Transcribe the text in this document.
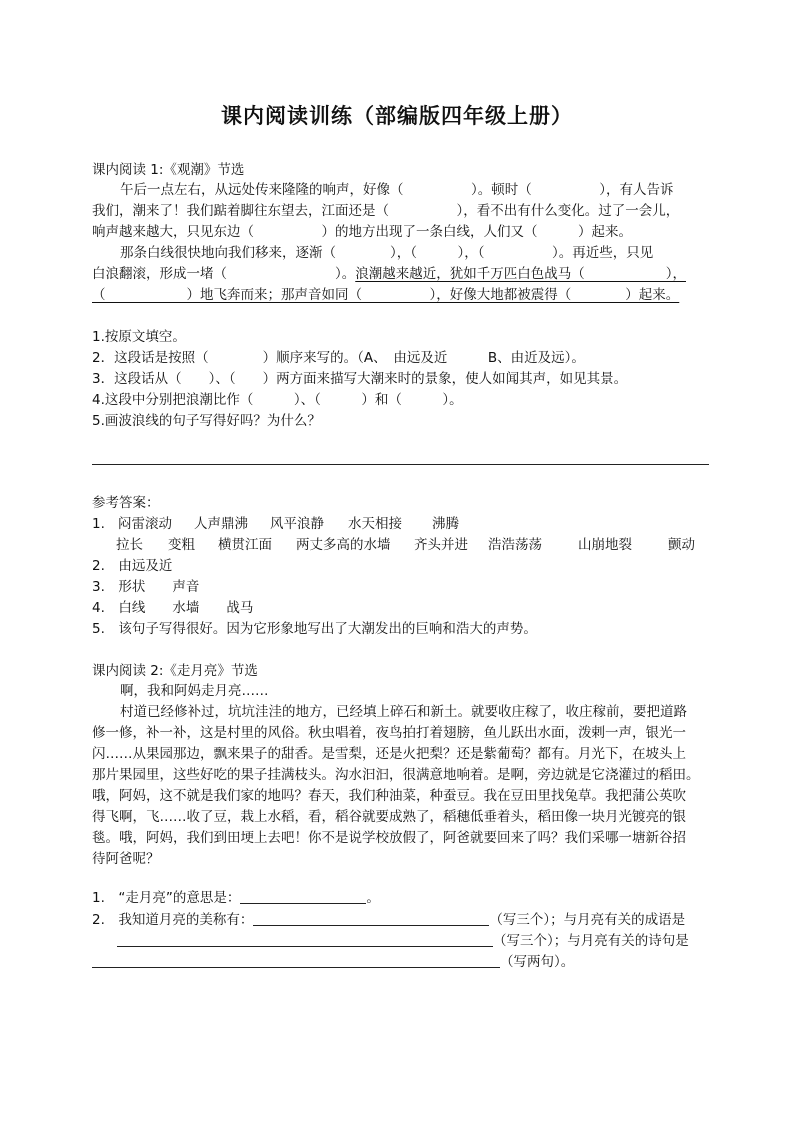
课内阅读训练（部编版四年级上册）
课内阅读 1:《观潮》节选
午后一点左右，从远处传来隆隆的响声，好像（　　　　　）。顿时（　　　　　），有人告诉
我们，潮来了！我们踮着脚往东望去，江面还是（　　　　　），看不出有什么变化。过了一会儿，
响声越来越大，只见东边（　　　　　）的地方出现了一条白线，人们又（　　　）起来。
那条白线很快地向我们移来，逐渐（　　　　），（　　　），（　　　　　）。再近些，只见
白浪翻滚，形成一堵（　　　　　　　　）。浪潮越来越近，犹如千万匹白色战马（　　　　　　），
（　　　　　　）地飞奔而来；那声音如同（　　　　　），好像大地都被震得（　　　　）起来。
1.按原文填空。
2．这段话是按照（　　　　）顺序来写的。（A、　由远及近　　　B、由近及远）。
3．这段话从（　　）、（　　）两方面来描写大潮来时的景象，使人如闻其声，如见其景。
4.这段中分别把浪潮比作（　　　）、（　　　）和（　　　）。
5.画波浪线的句子写得好吗？为什么？
参考答案：
1. 闷雷滚动 人声鼎沸 风平浪静 水天相接 沸腾
拉长 变粗 横贯江面 两丈多高的水墙 齐头并进 浩浩荡荡	山崩地裂	颤动
2.　由远及近
3.　形状　　声音
4.　白线　　水墙　　战马
5.　该句子写得很好。因为它形象地写出了大潮发出的巨响和浩大的声势。
课内阅读 2:《走月亮》节选
啊，我和阿妈走月亮……
村道已经修补过，坑坑洼洼的地方，已经填上碎石和新土。就要收庄稼了，收庄稼前，要把道路
修一修，补一补，这是村里的风俗。秋虫唱着，夜鸟拍打着翅膀，鱼儿跃出水面，泼剌一声，银光一
闪……从果园那边，飘来果子的甜香。是雪梨，还是火把梨？还是紫葡萄？都有。月光下，在坡头上
那片果园里，这些好吃的果子挂满枝头。沟水汩汩，很满意地响着。是啊，旁边就是它浇灌过的稻田。
哦，阿妈，这不就是我们家的地吗？春天，我们种油菜，种蚕豆。我在豆田里找兔草。我把蒲公英吹
得飞啊，飞……收了豆，栽上水稻，看，稻谷就要成熟了，稻穗低垂着头，稻田像一块月光镀亮的银
毯。哦，阿妈，我们到田埂上去吧！你不是说学校放假了，阿爸就要回来了吗？我们采哪一塘新谷招
待阿爸呢？
1.　“走月亮”的意思是：	。
2.　我知道月亮的美称有：	（写三个）；与月亮有关的成语是
（写三个）；与月亮有关的诗句是
（写两句）。
